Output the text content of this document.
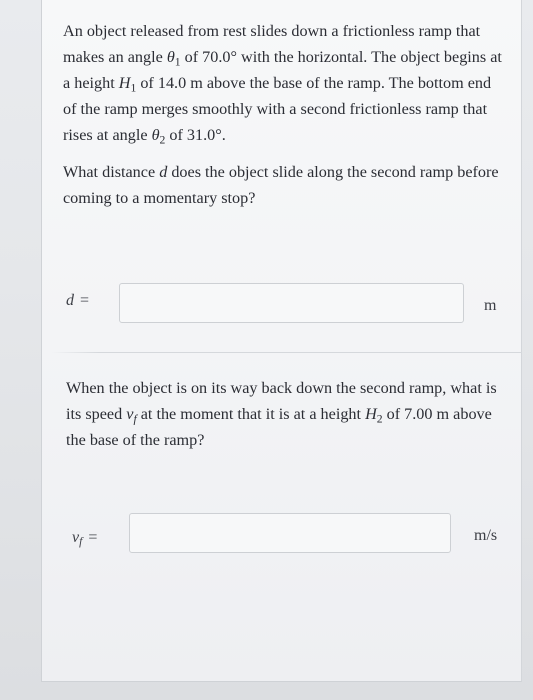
An object released from rest slides down a frictionless ramp that makes an angle $\theta_1$ of 70.0° with the horizontal. The object begins at a height $H_1$ of 14.0 m above the base of the ramp. The bottom end of the ramp merges smoothly with a second frictionless ramp that rises at angle $\theta_2$ of 31.0°.

What distance d does the object slide along the second ramp before coming to a momentary stop?

d =	m

When the object is on its way back down the second ramp, what is its speed $v_f$ at the moment that it is at a height $H_2$ of 7.00 m above the base of the ramp?

$v_f$ =	m/s
